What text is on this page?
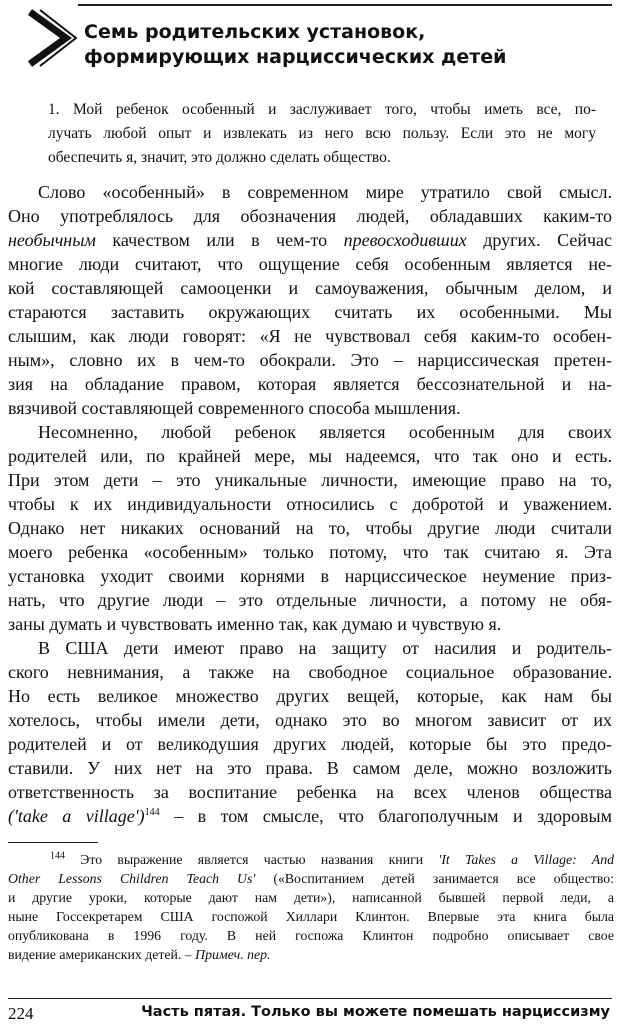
Семь родительских установок,
формирующих нарциссических детей
1. Мой ребенок особенный и заслуживает того, чтобы иметь все, по-
лучать любой опыт и извлекать из него всю пользу. Если это не могу
обеспечить я, значит, это должно сделать общество.
Слово «особенный» в современном мире утратило свой смысл.
Оно употреблялось для обозначения людей, обладавших каким-то
необычным качеством или в чем-то превосходивших других. Сейчас
многие люди считают, что ощущение себя особенным является не-
кой составляющей самооценки и самоуважения, обычным делом, и
стараются заставить окружающих считать их особенными. Мы
слышим, как люди говорят: «Я не чувствовал себя каким-то особен-
ным», словно их в чем-то обокрали. Это – нарциссическая претен-
зия на обладание правом, которая является бессознательной и на-
вязчивой составляющей современного способа мышления.
Несомненно, любой ребенок является особенным для своих
родителей или, по крайней мере, мы надеемся, что так оно и есть.
При этом дети – это уникальные личности, имеющие право на то,
чтобы к их индивидуальности относились с добротой и уважением.
Однако нет никаких оснований на то, чтобы другие люди считали
моего ребенка «особенным» только потому, что так считаю я. Эта
установка уходит своими корнями в нарциссическое неумение приз-
нать, что другие люди – это отдельные личности, а потому не обя-
заны думать и чувствовать именно так, как думаю и чувствую я.
В США дети имеют право на защиту от насилия и родитель-
ского невнимания, а также на свободное социальное образование.
Но есть великое множество других вещей, которые, как нам бы
хотелось, чтобы имели дети, однако это во многом зависит от их
родителей и от великодушия других людей, которые бы это предо-
ставили. У них нет на это права. В самом деле, можно возложить
ответственность за воспитание ребенка на всех членов общества
('take a village')$^{144}$ – в том смысле, что благополучным и здоровым
$^{144}$ Это выражение является частью названия книги 'It Takes a Village: And
Other Lessons Children Teach Us' («Воспитанием детей занимается все общество:
и другие уроки, которые дают нам дети»), написанной бывшей первой леди, а
ныне Госсекретарем США госпожой Хиллари Клинтон. Впервые эта книга была
опубликована в 1996 году. В ней госпожа Клинтон подробно описывает свое
видение американских детей. – Примеч. пер.
224	Часть пятая. Только вы можете помешать нарциссизму
